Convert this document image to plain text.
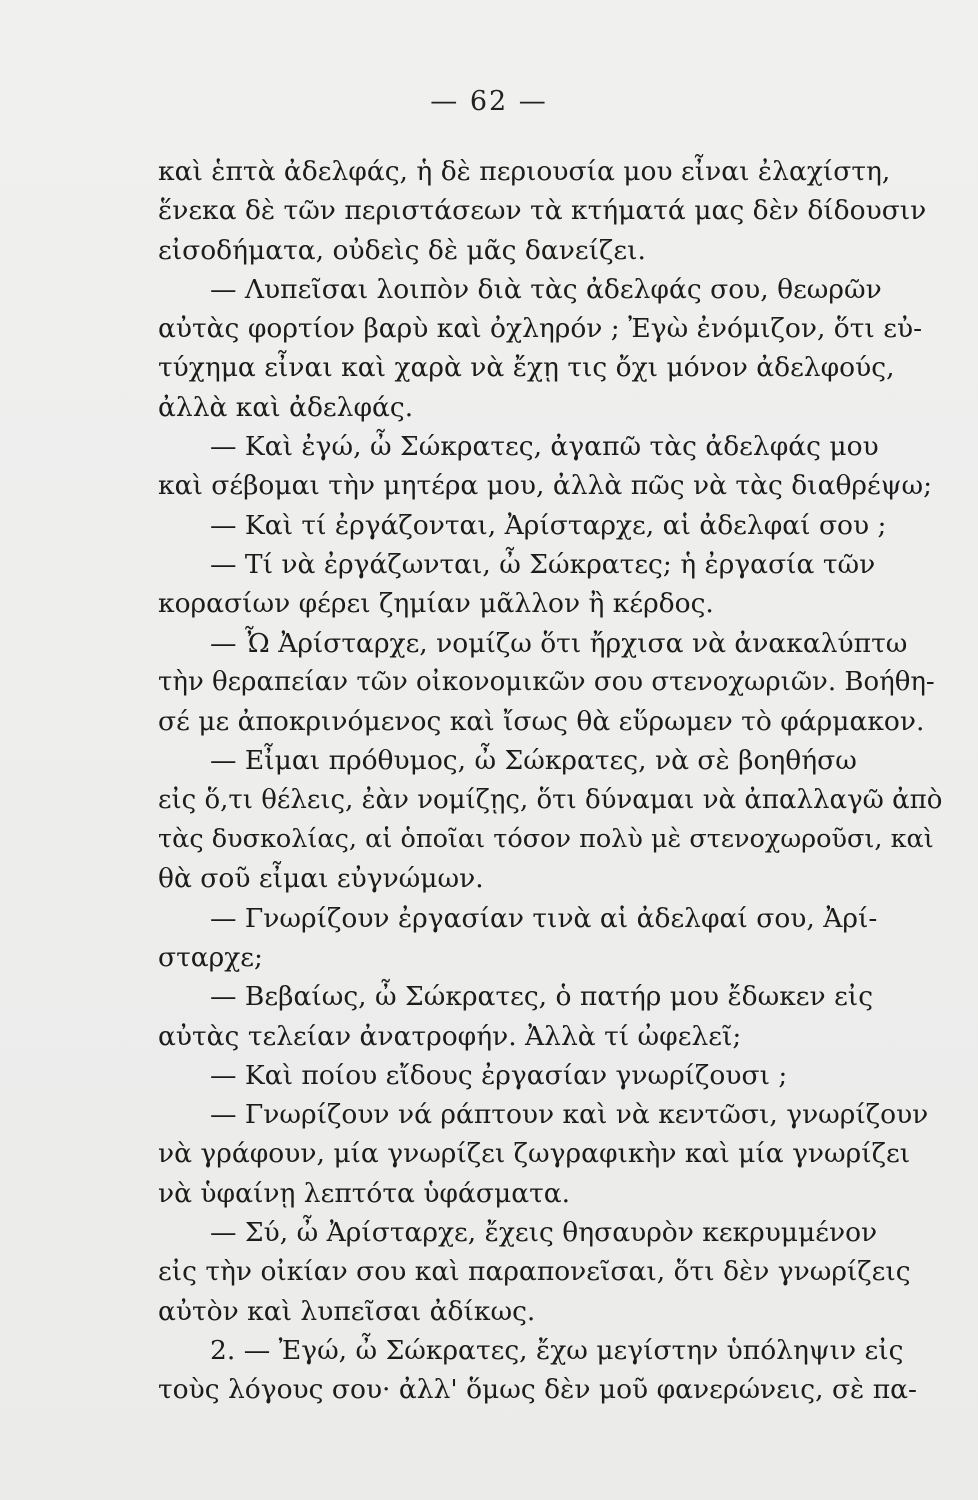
— 62 —
καὶ ἑπτὰ ἀδελφάς, ἡ δὲ περιουσία μου εἶναι ἐλαχίστη,
ἕνεκα δὲ τῶν περιστάσεων τὰ κτήματά μας δὲν δίδουσιν
εἰσοδήματα, οὐδεὶς δὲ μᾶς δανείζει.
— Λυπεῖσαι λοιπὸν διὰ τὰς ἀδελφάς σου, θεωρῶν
αὐτὰς φορτίον βαρὺ καὶ ὀχληρόν ; Ἐγὼ ἐνόμιζον, ὅτι εὐ-
τύχημα εἶναι καὶ χαρὰ νὰ ἔχῃ τις ὄχι μόνον ἀδελφούς,
ἀλλὰ καὶ ἀδελφάς.
— Καὶ ἐγώ, ὦ Σώκρατες, ἀγαπῶ τὰς ἀδελφάς μου
καὶ σέβομαι τὴν μητέρα μου, ἀλλὰ πῶς νὰ τὰς διαθρέψω;
— Καὶ τί ἐργάζονται, Ἀρίσταρχε, αἱ ἀδελφαί σου ;
— Τί νὰ ἐργάζωνται, ὦ Σώκρατες; ἡ ἐργασία τῶν
κορασίων φέρει ζημίαν μᾶλλον ἢ κέρδος.
— Ὦ Ἀρίσταρχε, νομίζω ὅτι ἤρχισα νὰ ἀνακαλύπτω
τὴν θεραπείαν τῶν οἰκονομικῶν σου στενοχωριῶν. Βοήθη-
σέ με ἀποκρινόμενος καὶ ἴσως θὰ εὕρωμεν τὸ φάρμακον.
— Εἶμαι πρόθυμος, ὦ Σώκρατες, νὰ σὲ βοηθήσω
εἰς ὅ,τι θέλεις, ἐὰν νομίζῃς, ὅτι δύναμαι νὰ ἀπαλλαγῶ ἀπὸ
τὰς δυσκολίας, αἱ ὁποῖαι τόσον πολὺ μὲ στενοχωροῦσι, καὶ
θὰ σοῦ εἶμαι εὐγνώμων.
— Γνωρίζουν ἐργασίαν τινὰ αἱ ἀδελφαί σου, Ἀρί-
σταρχε;
— Βεβαίως, ὦ Σώκρατες, ὁ πατήρ μου ἔδωκεν εἰς
αὐτὰς τελείαν ἀνατροφήν. Ἀλλὰ τί ὠφελεῖ;
— Καὶ ποίου εἴδους ἐργασίαν γνωρίζουσι ;
— Γνωρίζουν νά ράπτουν καὶ νὰ κεντῶσι, γνωρίζουν
νὰ γράφουν, μία γνωρίζει ζωγραφικὴν καὶ μία γνωρίζει
νὰ ὑφαίνῃ λεπτότα ὑφάσματα.
— Σύ, ὦ Ἀρίσταρχε, ἔχεις θησαυρὸν κεκρυμμένον
εἰς τὴν οἰκίαν σου καὶ παραπονεῖσαι, ὅτι δὲν γνωρίζεις
αὐτὸν καὶ λυπεῖσαι ἀδίκως.
2. — Ἐγώ, ὦ Σώκρατες, ἔχω μεγίστην ὑπόληψιν εἰς
τοὺς λόγους σου· ἀλλ' ὅμως δὲν μοῦ φανερώνεις, σὲ πα-
